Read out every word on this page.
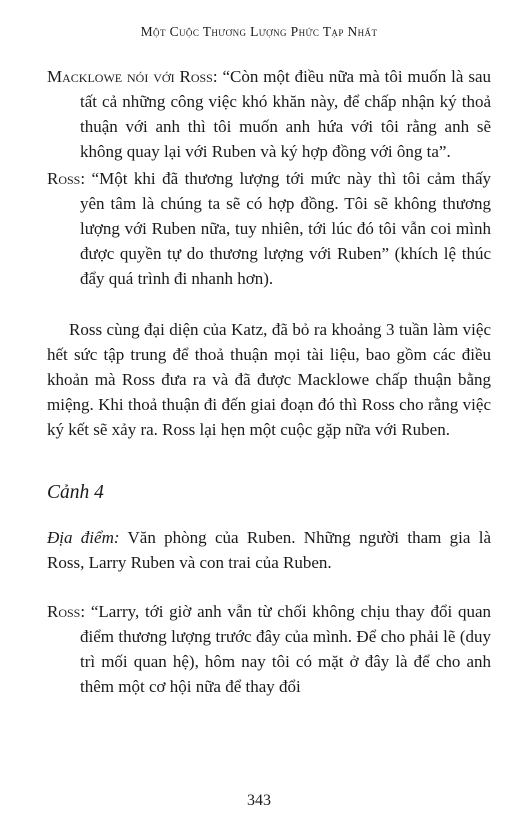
Một Cuộc Thương Lượng Phức Tạp Nhất

Macklowe nói với Ross: “Còn một điều nữa mà tôi muốn là sau tất cả những công việc khó khăn này, để chấp nhận ký thoả thuận với anh thì tôi muốn anh hứa với tôi rằng anh sẽ không quay lại với Ruben và ký hợp đồng với ông ta”.

Ross: “Một khi đã thương lượng tới mức này thì tôi cảm thấy yên tâm là chúng ta sẽ có hợp đồng. Tôi sẽ không thương lượng với Ruben nữa, tuy nhiên, tới lúc đó tôi vẫn coi mình được quyền tự do thương lượng với Ruben” (khích lệ thúc đẩy quá trình đi nhanh hơn).

Ross cùng đại diện của Katz, đã bỏ ra khoảng 3 tuần làm việc hết sức tập trung để thoả thuận mọi tài liệu, bao gồm các điều khoản mà Ross đưa ra và đã được Macklowe chấp thuận bằng miệng. Khi thoả thuận đi đến giai đoạn đó thì Ross cho rằng việc ký kết sẽ xảy ra. Ross lại hẹn một cuộc gặp nữa với Ruben.

Cảnh 4

Địa điểm: Văn phòng của Ruben. Những người tham gia là Ross, Larry Ruben và con trai của Ruben.

Ross: “Larry, tới giờ anh vẫn từ chối không chịu thay đổi quan điểm thương lượng trước đây của mình. Để cho phải lẽ (duy trì mối quan hệ), hôm nay tôi có mặt ở đây là để cho anh thêm một cơ hội nữa để thay đổi

343
